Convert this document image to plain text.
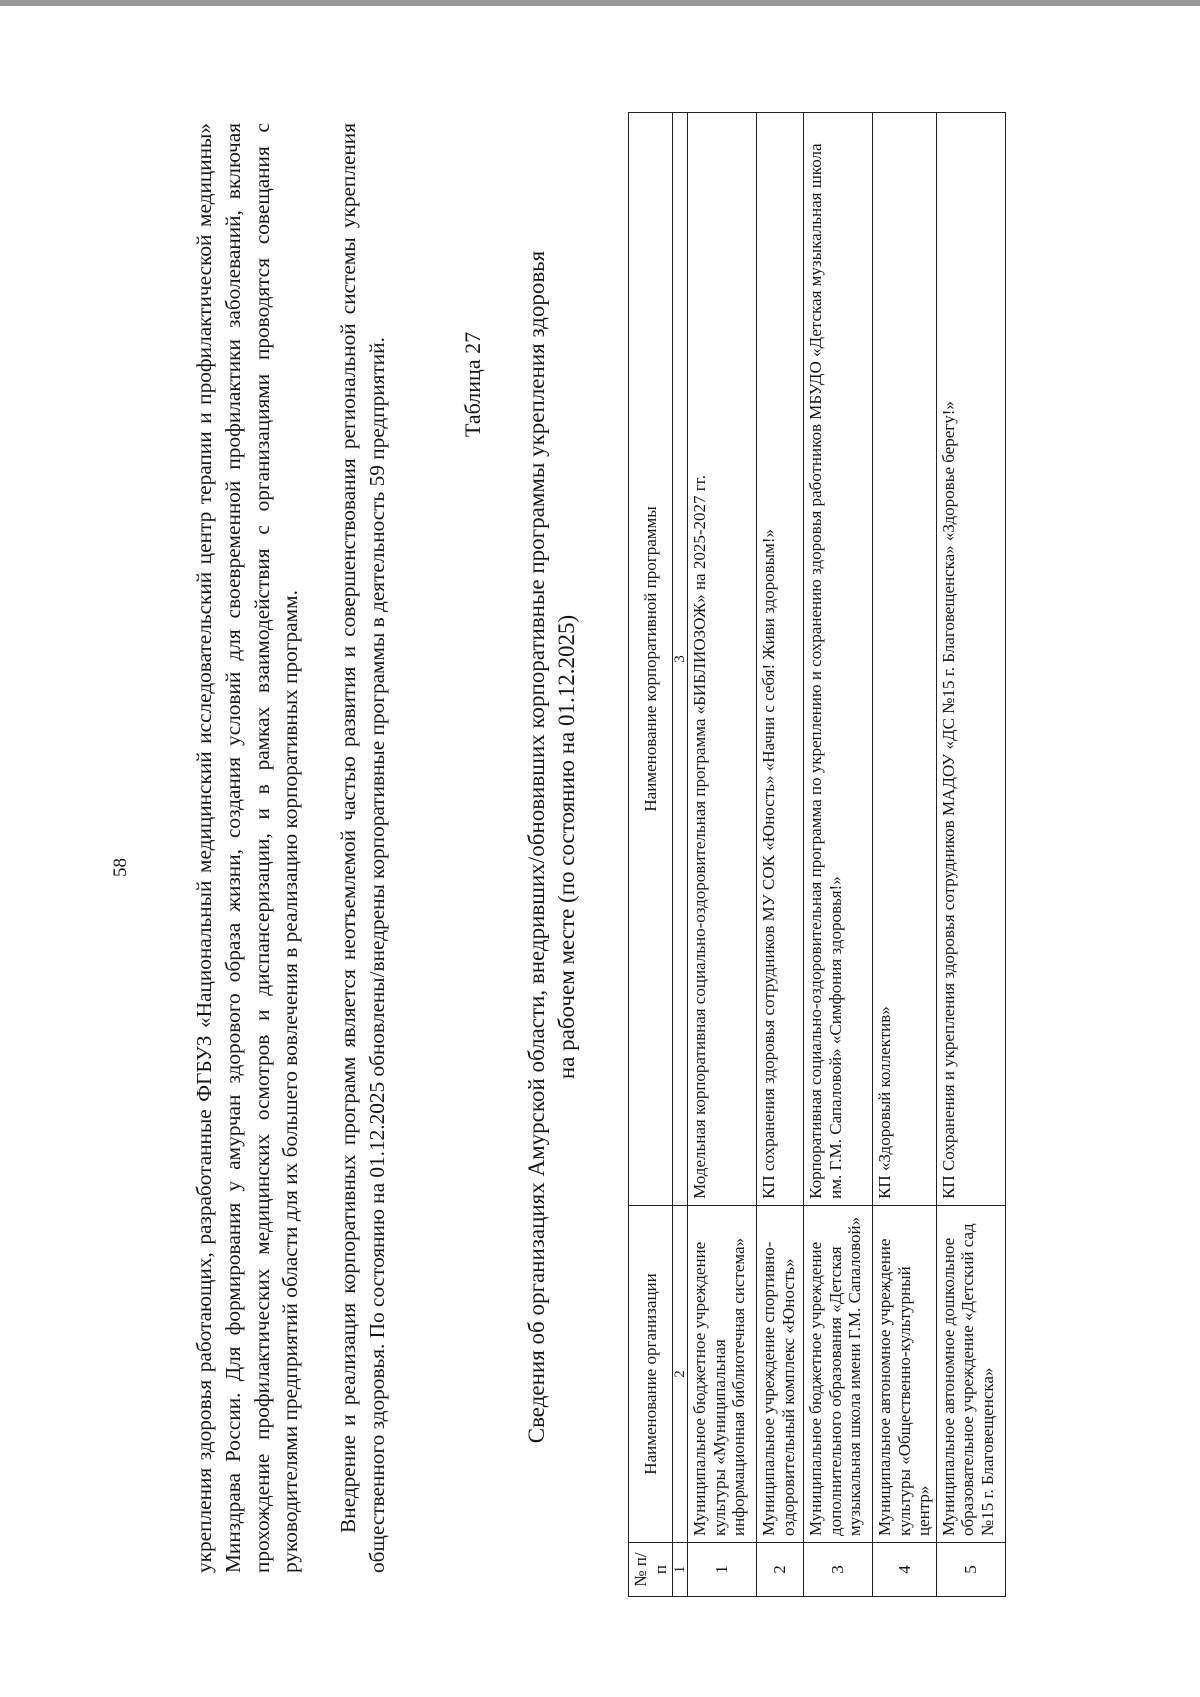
58	укрепления здоровья работающих, разработанные ФГБУЗ «Национальный медицинский исследовательский центр терапии и профилактической медицины» Минздрава России. Для формирования у амурчан здорового образа жизни, создания условий для своевременной профилактики заболеваний, включая прохождение профилактических медицинских осмотров и диспансеризации, и в рамках взаимодействия с организациями проводятся совещания с руководителями предприятий области для их большего вовлечения в реализацию корпоративных программ. Внедрение и реализация корпоративных программ является неотъемлемой частью развития и совершенствования региональной системы укрепления общественного здоровья. По состоянию на 01.12.2025 обновлены/внедрены корпоративные программы в деятельность 59 предприятий.	Таблица 27 Сведения об организациях Амурской области, внедривших/обновивших корпоративные программы укрепления здоровья на рабочем месте (по состоянию на 01.12.2025)

№ п/п	Наименование организации	Наименование корпоративной программы
1	2	3
1	Муниципальное бюджетное учреждение культуры «Муниципальная информационная библиотечная система»	Модельная корпоративная социально-оздоровительная программа «БИБЛИОЗОЖ» на 2025-2027 гг.
2	Муниципальное учреждение спортивно-оздоровительный комплекс «Юность»	КП сохранения здоровья сотрудников МУ СОК «Юность» «Начни с себя! Живи здоровым!»
3	Муниципальное бюджетное учреждение дополнительного образования «Детская музыкальная школа имени Г.М. Сапаловой»	Корпоративная социально-оздоровительная программа по укреплению и сохранению здоровья работников МБУДО «Детская музыкальная школа им. Г.М. Сапаловой» «Симфония здоровья!»
4	Муниципальное автономное учреждение культуры «Общественно-культурный центр»	КП «Здоровый коллектив»
5	Муниципальное автономное дошкольное образовательное учреждение «Детский сад №15 г. Благовещенска»	КП Сохранения и укрепления здоровья сотрудников МАДОУ «ДС №15 г. Благовещенска» «Здоровье берегу!»
